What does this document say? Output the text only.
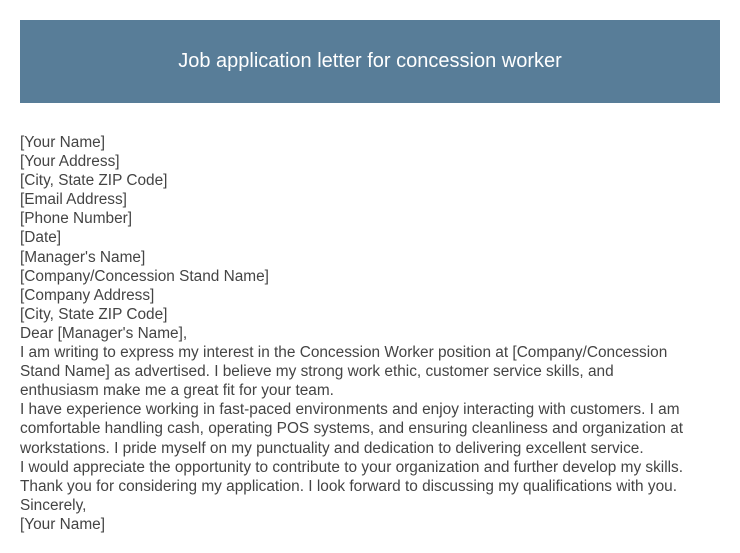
Job application letter for concession worker
[Your Name]
[Your Address]
[City, State ZIP Code]
[Email Address]
[Phone Number]
[Date]
[Manager's Name]
[Company/Concession Stand Name]
[Company Address]
[City, State ZIP Code]
Dear [Manager's Name],
I am writing to express my interest in the Concession Worker position at [Company/Concession
Stand Name] as advertised. I believe my strong work ethic, customer service skills, and
enthusiasm make me a great fit for your team.
I have experience working in fast-paced environments and enjoy interacting with customers. I am
comfortable handling cash, operating POS systems, and ensuring cleanliness and organization at
workstations. I pride myself on my punctuality and dedication to delivering excellent service.
I would appreciate the opportunity to contribute to your organization and further develop my skills.
Thank you for considering my application. I look forward to discussing my qualifications with you.
Sincerely,
[Your Name]
